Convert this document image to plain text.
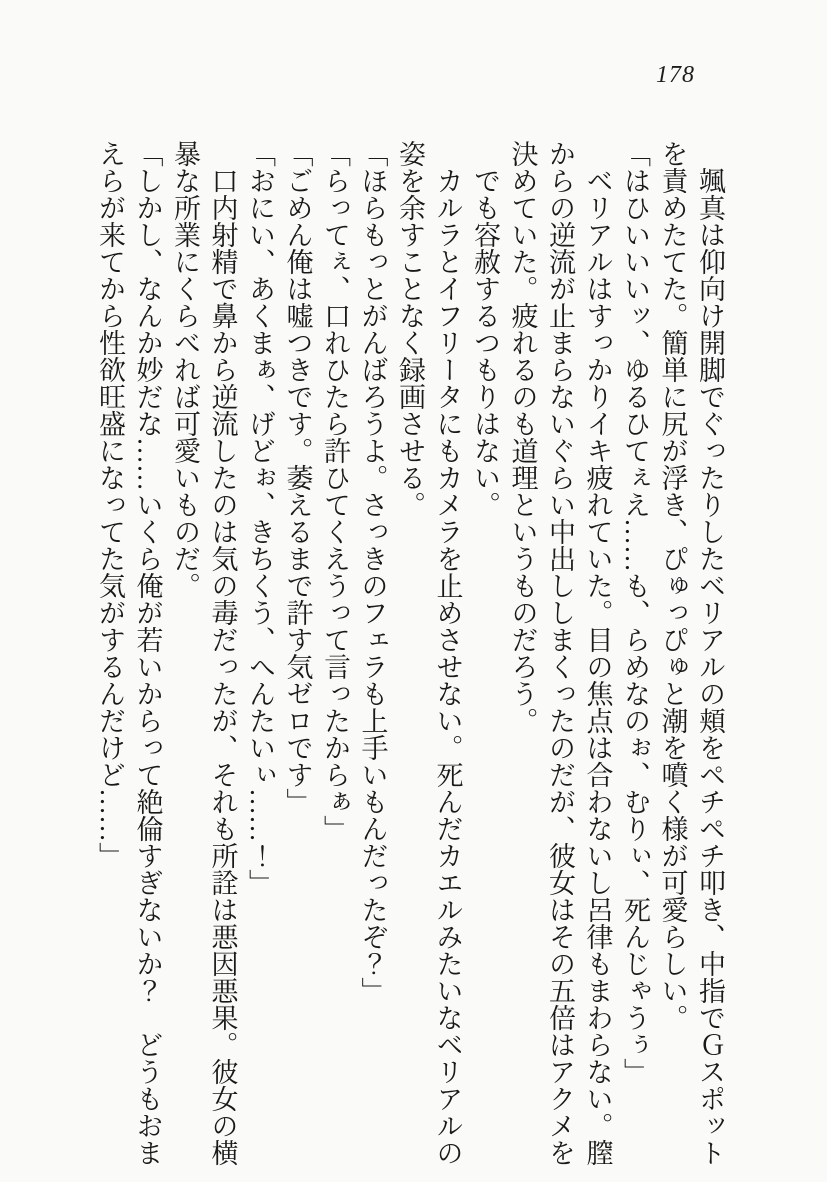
178
颯真は仰向け開脚でぐったりしたベリアルの頬をペチペチ叩き、中指でＧスポット
を責めたてた。簡単に尻が浮き、ぴゅっぴゅと潮を噴く様が可愛らしい。
「はひいいいッ、ゆるひてぇえ……も、らめなのぉ、むりぃ、死んじゃうぅ」
ベリアルはすっかりイキ疲れていた。目の焦点は合わないし呂律もまわらない。膣
からの逆流が止まらないぐらい中出ししまくったのだが、彼女はその五倍はアクメを
決めていた。疲れるのも道理というものだろう。
でも容赦するつもりはない。
カルラとイフリータにもカメラを止めさせない。死んだカエルみたいなベリアルの
姿を余すことなく録画させる。
「ほらもっとがんばろうよ。さっきのフェラも上手いもんだったぞ？」
「らってぇ、口れひたら許ひてくえうって言ったからぁ」
「ごめん俺は嘘つきです。萎えるまで許す気ゼロです」
「おにい、あくまぁ、げどぉ、きちくう、へんたいぃ……！」
口内射精で鼻から逆流したのは気の毒だったが、それも所詮は悪因悪果。彼女の横
暴な所業にくらべれば可愛いものだ。
「しかし、なんか妙だな……いくら俺が若いからって絶倫すぎないか？　どうもおま
えらが来てから性欲旺盛になってた気がするんだけど……」
